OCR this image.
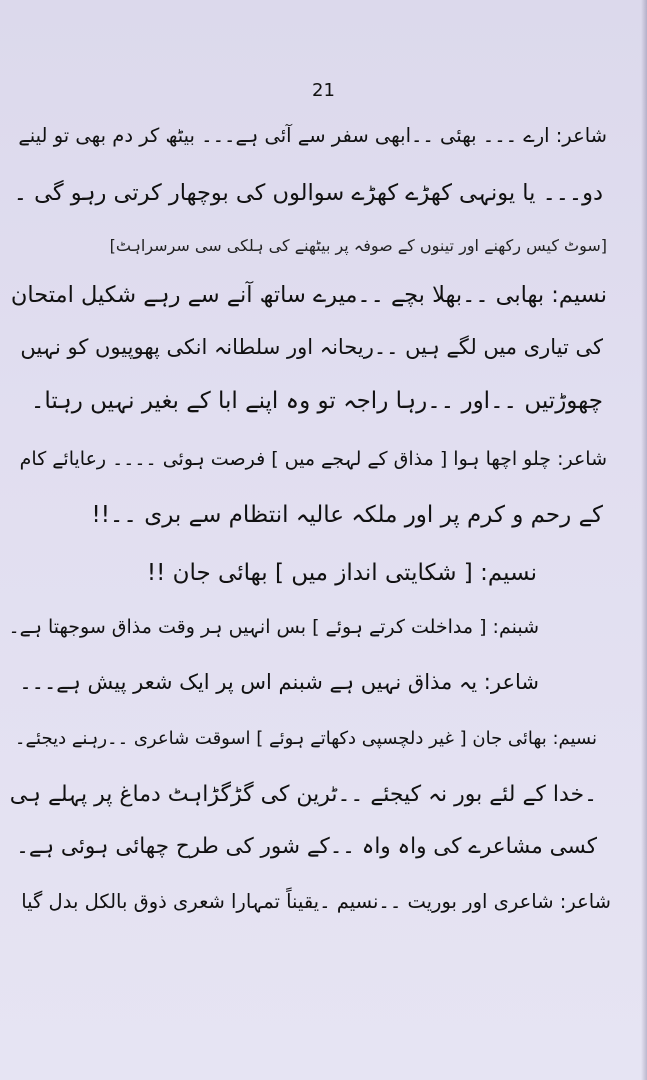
21
شاعر: ارے ۔۔۔ بھئی ۔۔ابھی سفر سے آئی ہے۔۔۔ بیٹھ کر دم بھی تو لینے
دو۔۔۔ یا یونہی کھڑے کھڑے سوالوں کی بوچھار کرتی رہو گی ۔
[سوٹ کیس رکھنے اور تینوں کے صوفہ پر بیٹھنے کی ہلکی سی سرسراہٹ]
نسیم: بھابی ۔۔بھلا بچے ۔۔میرے ساتھ آنے سے رہے شکیل امتحان
کی تیاری میں لگے ہیں ۔۔ریحانہ اور سلطانہ انکی پھوپیوں کو نہیں
چھوڑتیں ۔۔اور ۔۔رہا راجہ تو وہ اپنے ابا کے بغیر نہیں رہتا۔
شاعر: چلو اچھا ہوا [ مذاق کے لہجے میں ] فرصت ہوئی ۔۔۔۔ رعایائے کام
کے رحم و کرم پر اور ملکہ عالیہ انتظام سے بری ۔۔!!
نسیم: [ شکایتی انداز میں ] بھائی جان !!
شبنم: [ مداخلت کرتے ہوئے ] بس انہیں ہر وقت مذاق سوجھتا ہے۔
شاعر: یہ مذاق نہیں ہے شبنم اس پر ایک شعر پیش ہے۔۔۔
نسیم: بھائی جان [ غیر دلچسپی دکھاتے ہوئے ] اسوقت شاعری ۔۔رہنے دیجئے۔
۔خدا کے لئے بور نہ کیجئے ۔۔ٹرین کی گڑگڑاہٹ دماغ پر پہلے ہی
کسی مشاعرے کی واہ واہ ۔۔کے شور کی طرح چھائی ہوئی ہے۔
شاعر: شاعری اور بوریت ۔۔نسیم ۔یقیناً تمہارا شعری ذوق بالکل بدل گیا
